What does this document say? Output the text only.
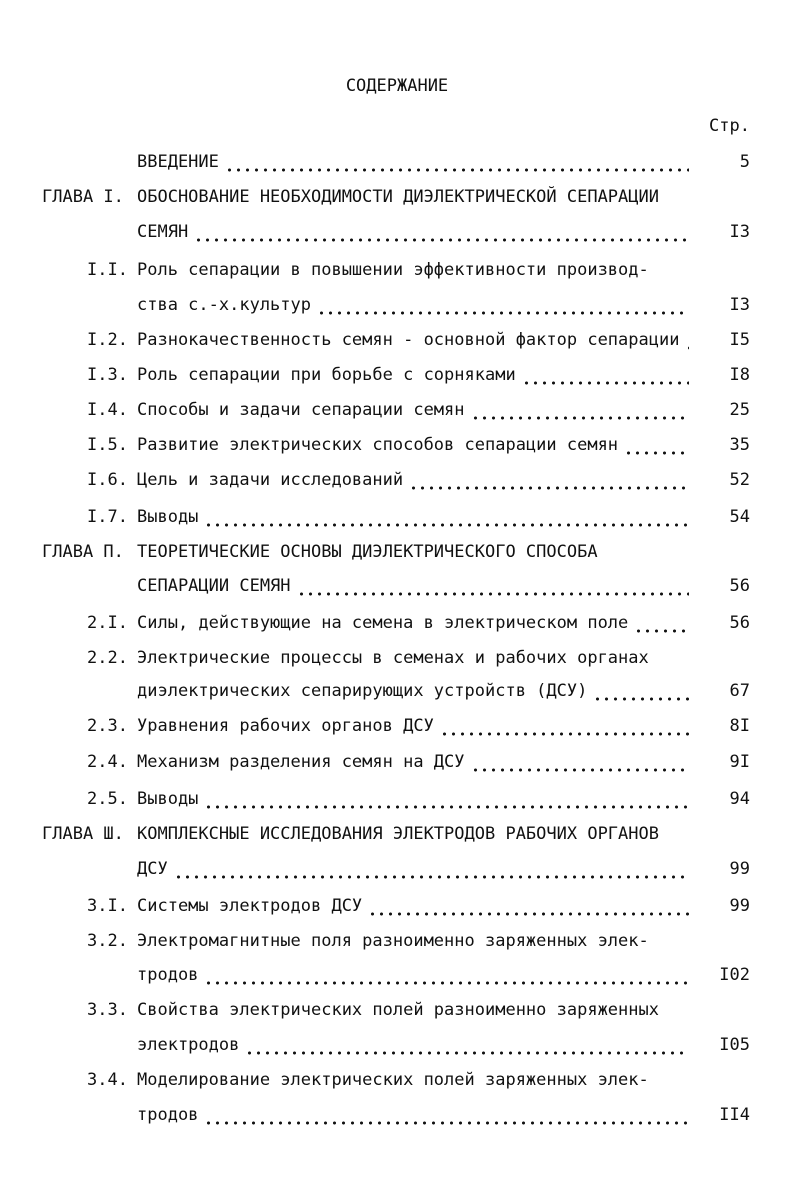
СОДЕРЖАНИЕ
Стр.
ВВЕДЕНИЕ	5
ГЛАВА I. ОБОСНОВАНИЕ НЕОБХОДИМОСТИ ДИЭЛЕКТРИЧЕСКОЙ СЕПАРАЦИИ
СЕМЯН	I3
I.I. Роль сепарации в повышении эффективности производ-
ства с.-х.культур	I3
I.2. Разнокачественность семян - основной фактор сепарации	I5
I.3. Роль сепарации при борьбе с сорняками	I8
I.4. Способы и задачи сепарации семян	25
I.5. Развитие электрических способов сепарации семян	35
I.6. Цель и задачи исследований	52
I.7. Выводы	54
ГЛАВА П. ТЕОРЕТИЧЕСКИЕ ОСНОВЫ ДИЭЛЕКТРИЧЕСКОГО СПОСОБА
СЕПАРАЦИИ СЕМЯН	56
2.I. Силы, действующие на семена в электрическом поле	56
2.2. Электрические процессы в семенах и рабочих органах
диэлектрических сепарирующих устройств (ДСУ)	67
2.3. Уравнения рабочих органов ДСУ	8I
2.4. Механизм разделения семян на ДСУ	9I
2.5. Выводы	94
ГЛАВА Ш. КОМПЛЕКСНЫЕ ИССЛЕДОВАНИЯ ЭЛЕКТРОДОВ РАБОЧИХ ОРГАНОВ
ДСУ	99
3.I. Системы электродов ДСУ	99
3.2. Электромагнитные поля разноименно заряженных элек-
тродов	I02
3.3. Свойства электрических полей разноименно заряженных
электродов	I05
3.4. Моделирование электрических полей заряженных элек-
тродов	II4
